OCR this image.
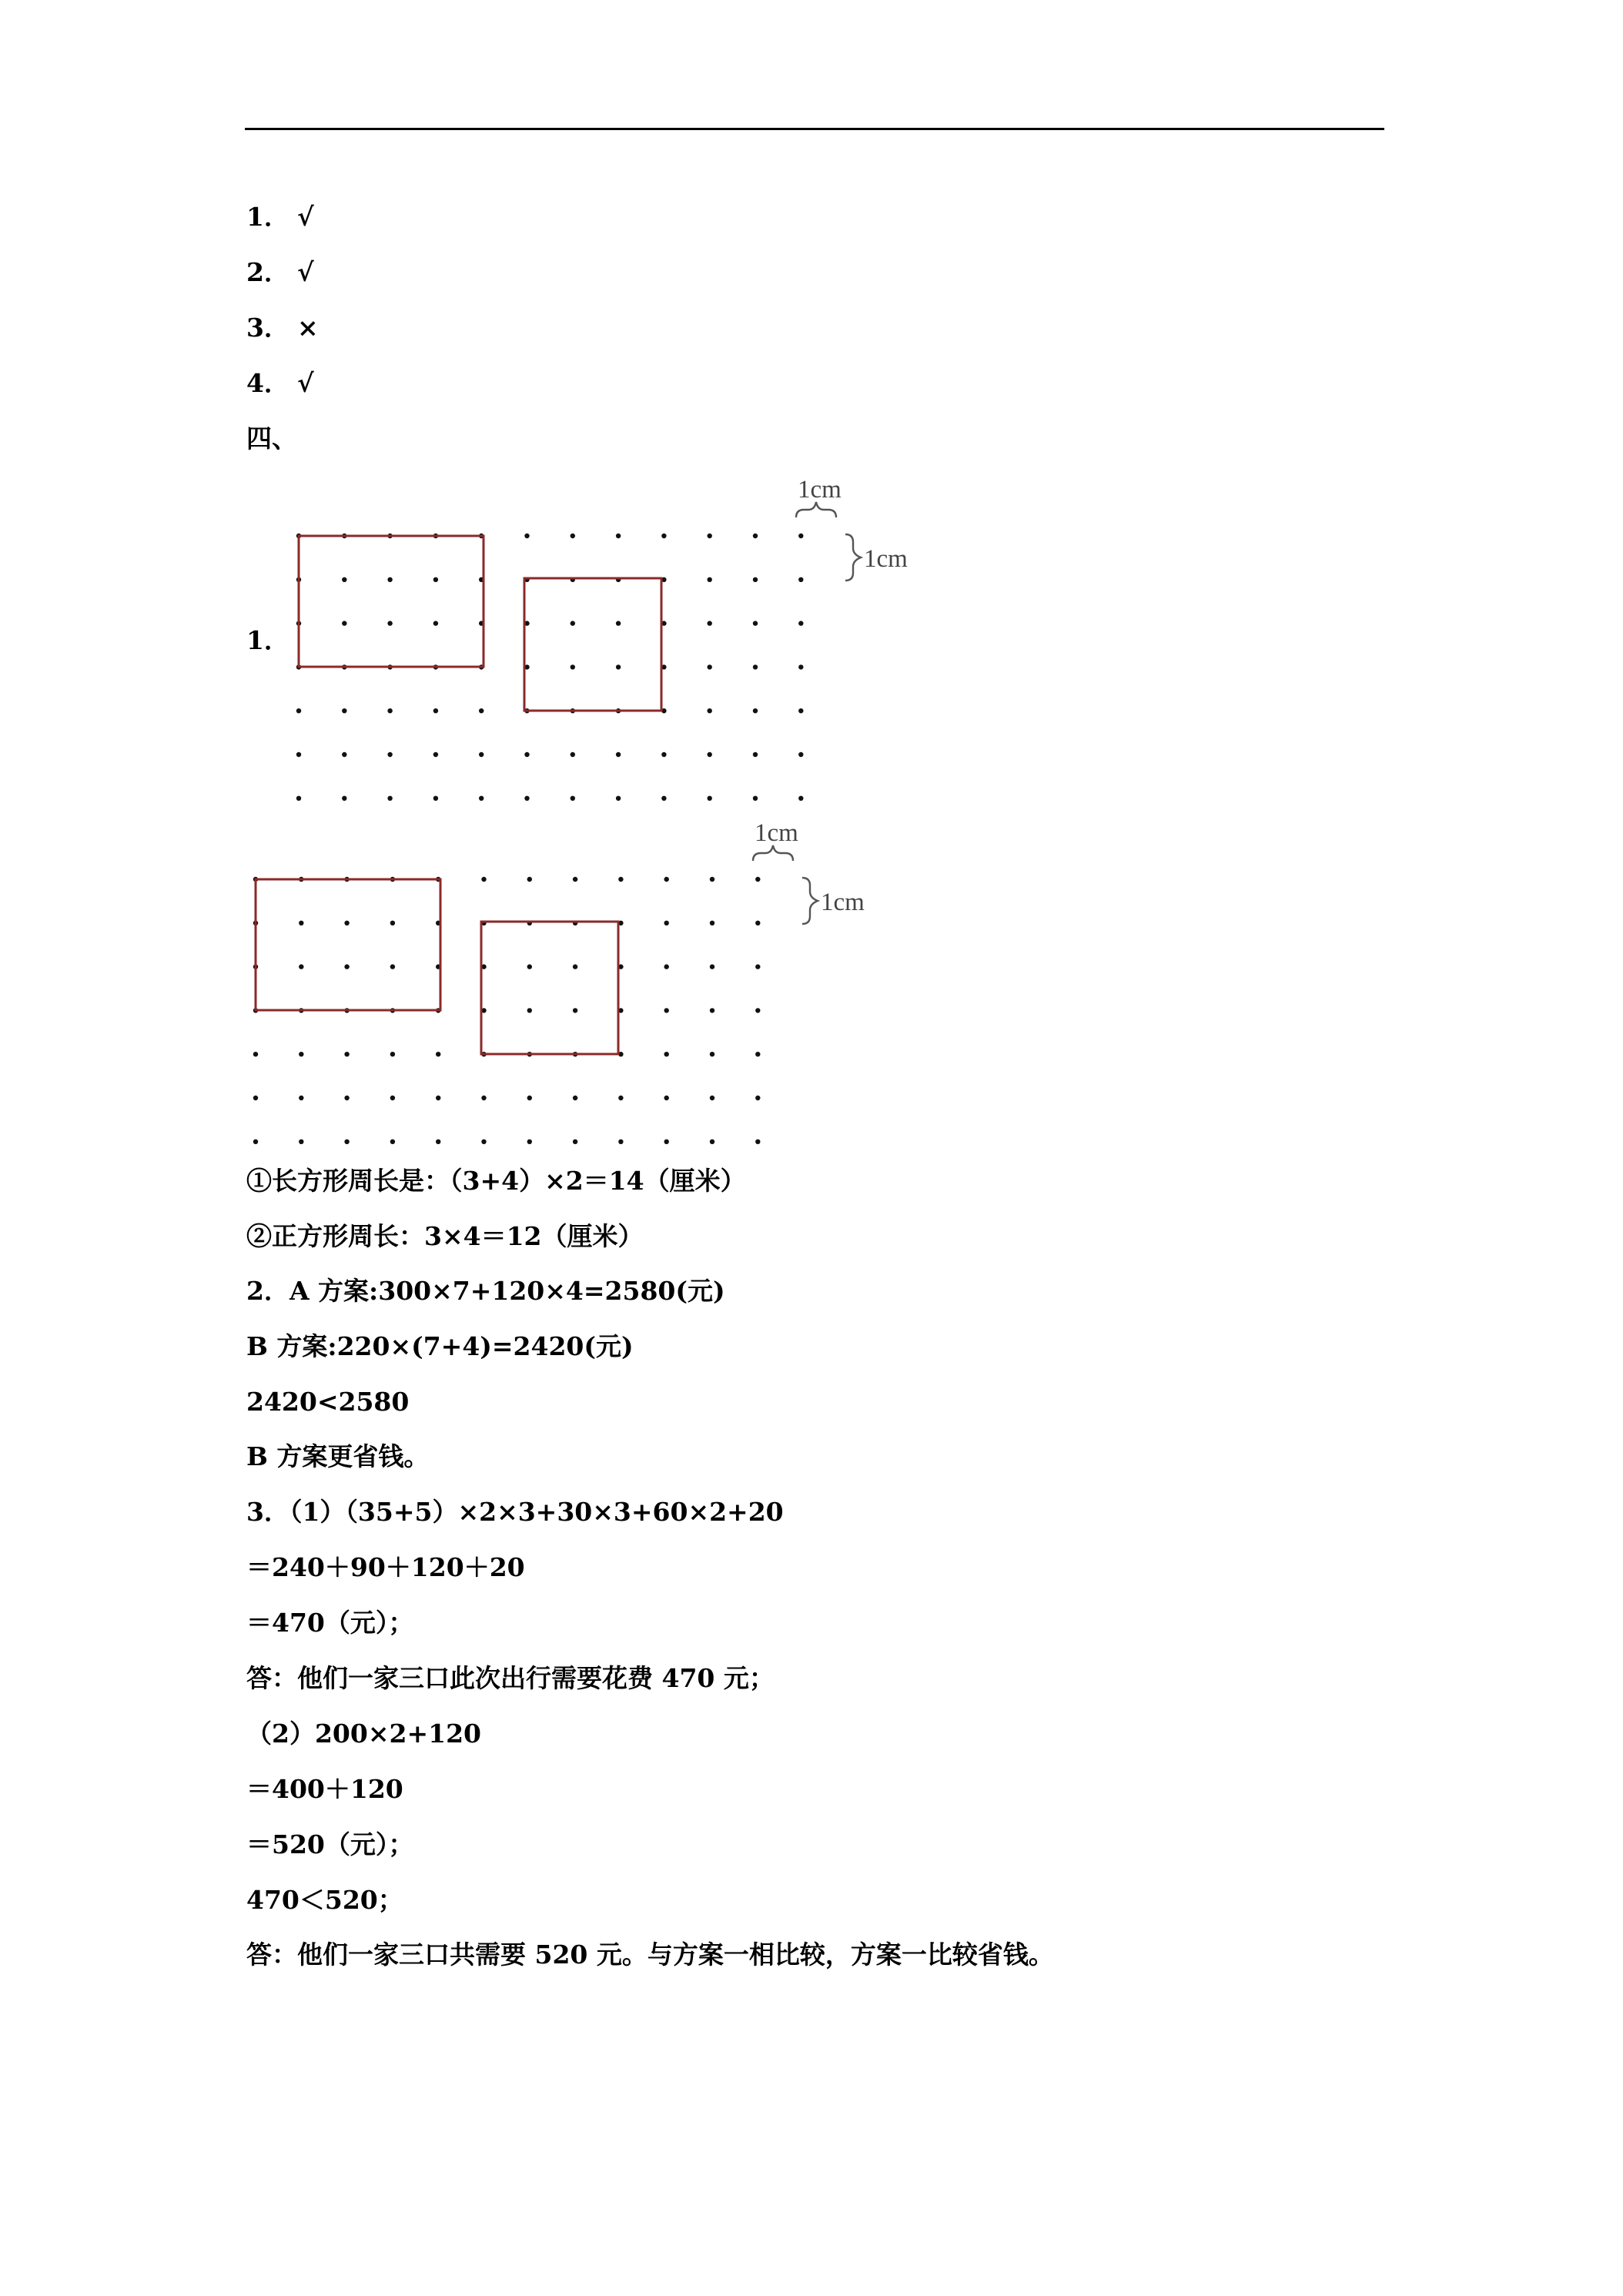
1． √
2． √
3． ×
4． √
四、
1．
1cm
1cm
1cm
1cm
①长方形周长是：（3+4）×2＝14（厘米）
②正方形周长：3×4＝12（厘米）
2．A 方案:300×7+120×4=2580(元)
B 方案:220×(7+4)=2420(元)
2420<2580
B 方案更省钱。
3．（1）（35+5）×2×3+30×3+60×2+20
＝240＋90＋120＋20
＝470（元）；
答：他们一家三口此次出行需要花费 470 元；
（2）200×2+120
＝400＋120
＝520（元）；
470＜520；
答：他们一家三口共需要 520 元。与方案一相比较，方案一比较省钱。
